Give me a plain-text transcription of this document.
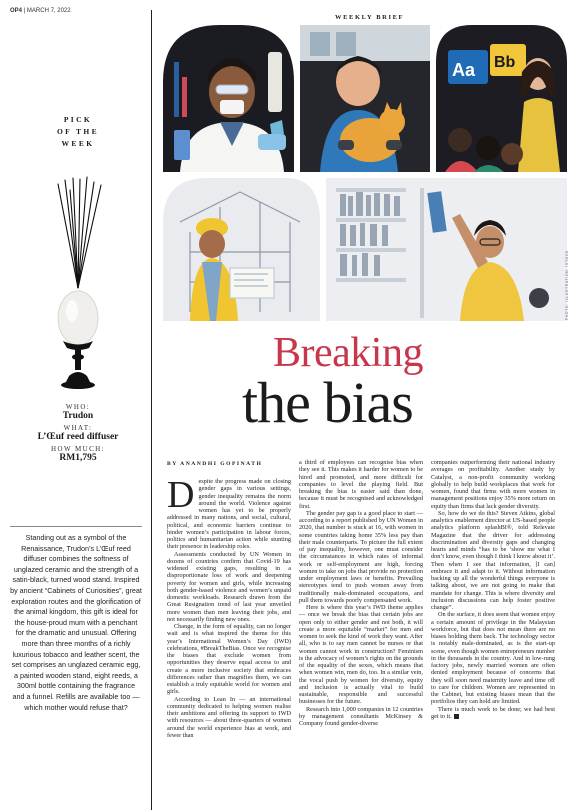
OP4 | MARCH 7, 2022
WEEKLY BRIEF
PICK
OF THE
WEEK
WHO:
Trudon
WHAT:
L’Œuf reed diffuser
HOW MUCH:
RM1,795
Standing out as a symbol of the Renaissance, Trudon’s L’Œuf reed diffuser combines the softness of unglazed ceramic and the strength of a satin-black, turned wood stand. Inspired by ancient “Cabinets of Curiosities”, great exploration routes and the glorification of the animal kingdom, this gift is ideal for the house-proud mum with a penchant for the dramatic and unusual. Offering more than three months of a richly luxurious tobacco and leather scent, the set comprises an unglazed ceramic egg, a painted wooden stand, eight reeds, a 300ml bottle containing the fragrance and a funnel. Refills are available too — which mother would refuse that?
Aa Bb
PHOTO: ILLUSTRATION: ISTOCK
Breaking
the bias
BY ANANDHI GOPINATH

Despite the progress made on closing gender gaps in various settings, gender inequality remains the norm around the world. Violence against women has yet to be properly addressed in many nations, and social, cultural, political, and economic barriers continue to hinder women’s participation in labour forces, politics and humanitarian action while stunting their presence in leadership roles.

Assessments conducted by UN Women in dozens of countries confirm that Covid-19 has widened existing gaps, resulting in a disproportionate loss of work and deepening poverty for women and girls, while increasing both gender-based violence and women’s unpaid domestic workloads. Research drawn from the Great Resignation trend of last year unveiled more women than men leaving their jobs, and not necessarily finding new ones.

Change, in the form of equality, can no longer wait and is what inspired the theme for this year’s International Women’s Day (IWD) celebrations, #BreakTheBias. Once we recognise the biases that exclude women from opportunities they deserve equal access to and create a more inclusive society that embraces differences rather than magnifies them, we can establish a truly equitable world for women and girls.

According to Lean In — an international community dedicated to helping women realise their ambitions and offering its support to IWD with resources — about three-quarters of women around the world experience bias at work, and fewer than

a third of employees can recognise bias when they see it. This makes it harder for women to be hired and promoted, and more difficult for companies to level the playing field. But breaking the bias is easier said than done, because it must be recognised and acknowledged first.

The gender pay gap is a good place to start — according to a report published by UN Women in 2020, that number is stuck at 16, with women in some countries taking home 35% less pay than their male counterparts. To picture the full extent of pay inequality, however, one must consider the circumstances in which rates of informal work or self-employment are high, forcing women to take on jobs that provide no protection under employment laws or benefits. Prevailing stereotypes tend to push women away from traditionally male-dominated occupations, and pull them towards poorly compensated work.

Here is where this year’s IWD theme applies — once we break the bias that certain jobs are open only to either gender and not both, it will create a more equitable “market” for men and women to seek the kind of work they want. After all, who is to say men cannot be nurses or that women cannot work in construction? Feminism is the advocacy of women’s rights on the grounds of the equality of the sexes, which means that when women win, men do, too. In a similar vein, the vocal push by women for diversity, equity and inclusion is actually vital to build sustainable, responsible and successful businesses for the future.

Research into 1,000 companies in 12 countries by management consultants McKinsey & Company found gender-diverse

companies outperforming their national industry averages on profitability. Another study by Catalyst, a non-profit community working globally to help build workplaces that work for women, found that firms with more women in management positions enjoy 35% more return on equity than firms that lack gender diversity.

So, how do we do this? Steven Atkins, global analytics enablement director at US-based people analytics platform splashBI®, told Relevate Magazine that the driver for addressing discrimination and diversity gaps and changing hearts and minds “has to be ‘show me what I don’t know, even though I think I know about it’. Then when I see that information, [I can] embrace it and adapt to it. Without information backing up all the wonderful things everyone is talking about, we are not going to make that mandate for change. This is where diversity and inclusion discussions can help foster positive change”.

On the surface, it does seem that women enjoy a certain amount of privilege in the Malaysian workforce, but that does not mean there are no biases holding them back. The technology sector is notably male-dominated, as is the start-up scene, even though women entrepreneurs number in the thousands in the country. And in low-rung factory jobs, newly married women are often denied employment because of concerns that they will soon need maternity leave and time off to care for children. Women are represented in the Cabinet, but existing biases mean that the portfolios they can hold are limited.

There is much work to be done; we had best get to it.
